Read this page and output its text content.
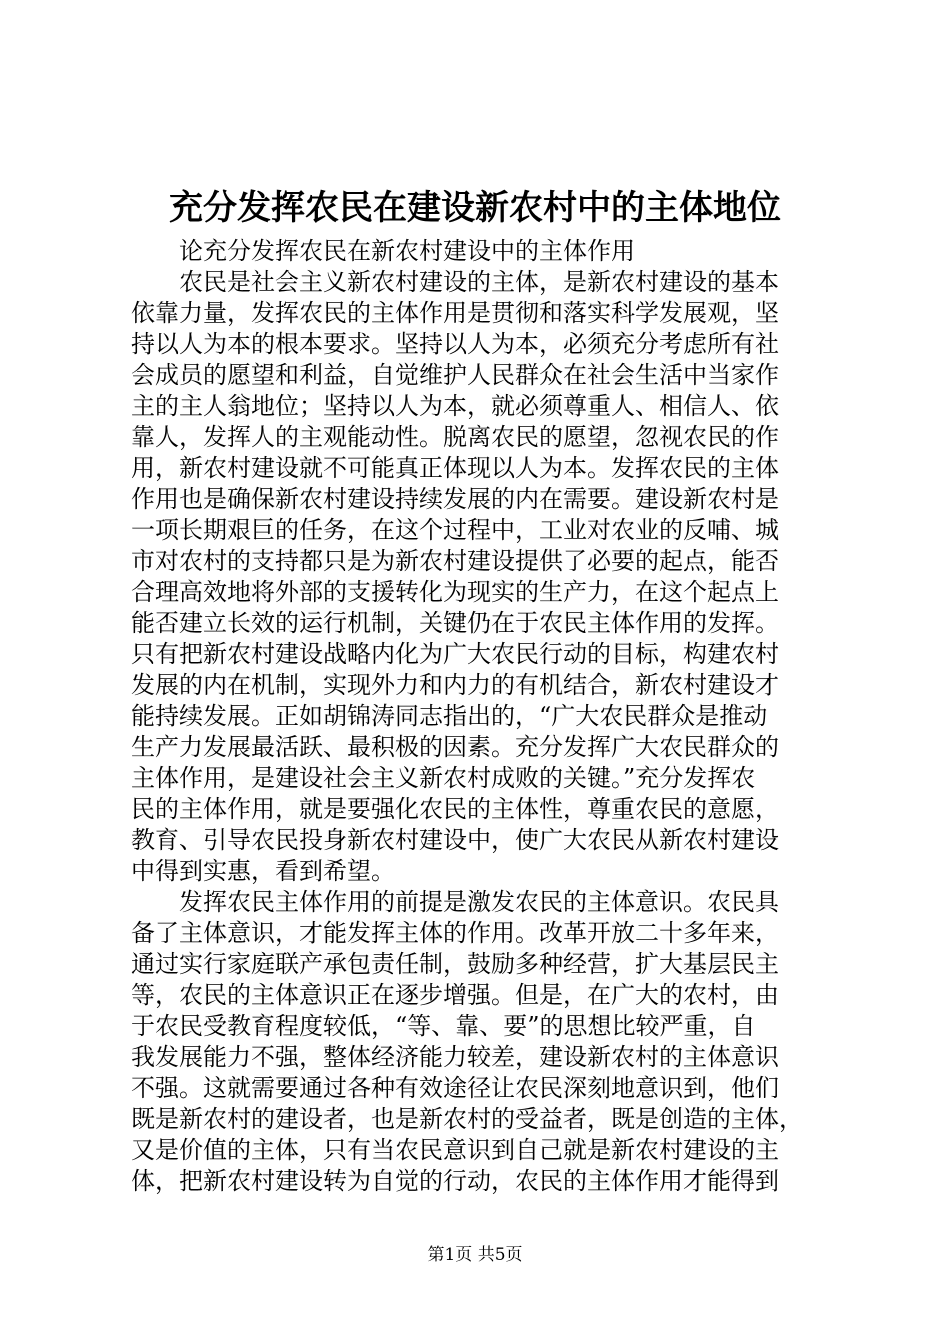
充分发挥农民在建设新农村中的主体地位
论充分发挥农民在新农村建设中的主体作用
农民是社会主义新农村建设的主体，是新农村建设的基本
依靠力量，发挥农民的主体作用是贯彻和落实科学发展观，坚
持以人为本的根本要求。坚持以人为本，必须充分考虑所有社
会成员的愿望和利益，自觉维护人民群众在社会生活中当家作
主的主人翁地位；坚持以人为本，就必须尊重人、相信人、依
靠人，发挥人的主观能动性。脱离农民的愿望，忽视农民的作
用，新农村建设就不可能真正体现以人为本。发挥农民的主体
作用也是确保新农村建设持续发展的内在需要。建设新农村是
一项长期艰巨的任务，在这个过程中，工业对农业的反哺、城
市对农村的支持都只是为新农村建设提供了必要的起点，能否
合理高效地将外部的支援转化为现实的生产力，在这个起点上
能否建立长效的运行机制，关键仍在于农民主体作用的发挥。
只有把新农村建设战略内化为广大农民行动的目标，构建农村
发展的内在机制，实现外力和内力的有机结合，新农村建设才
能持续发展。正如胡锦涛同志指出的，“广大农民群众是推动
生产力发展最活跃、最积极的因素。充分发挥广大农民群众的
主体作用，是建设社会主义新农村成败的关键。”充分发挥农
民的主体作用，就是要强化农民的主体性，尊重农民的意愿，
教育、引导农民投身新农村建设中，使广大农民从新农村建设
中得到实惠，看到希望。
发挥农民主体作用的前提是激发农民的主体意识。农民具
备了主体意识，才能发挥主体的作用。改革开放二十多年来，
通过实行家庭联产承包责任制，鼓励多种经营，扩大基层民主
等，农民的主体意识正在逐步增强。但是，在广大的农村，由
于农民受教育程度较低，“等、靠、要”的思想比较严重，自
我发展能力不强，整体经济能力较差，建设新农村的主体意识
不强。这就需要通过各种有效途径让农民深刻地意识到，他们
既是新农村的建设者，也是新农村的受益者，既是创造的主体，
又是价值的主体，只有当农民意识到自己就是新农村建设的主
体，把新农村建设转为自觉的行动，农民的主体作用才能得到
第1页 共5页
